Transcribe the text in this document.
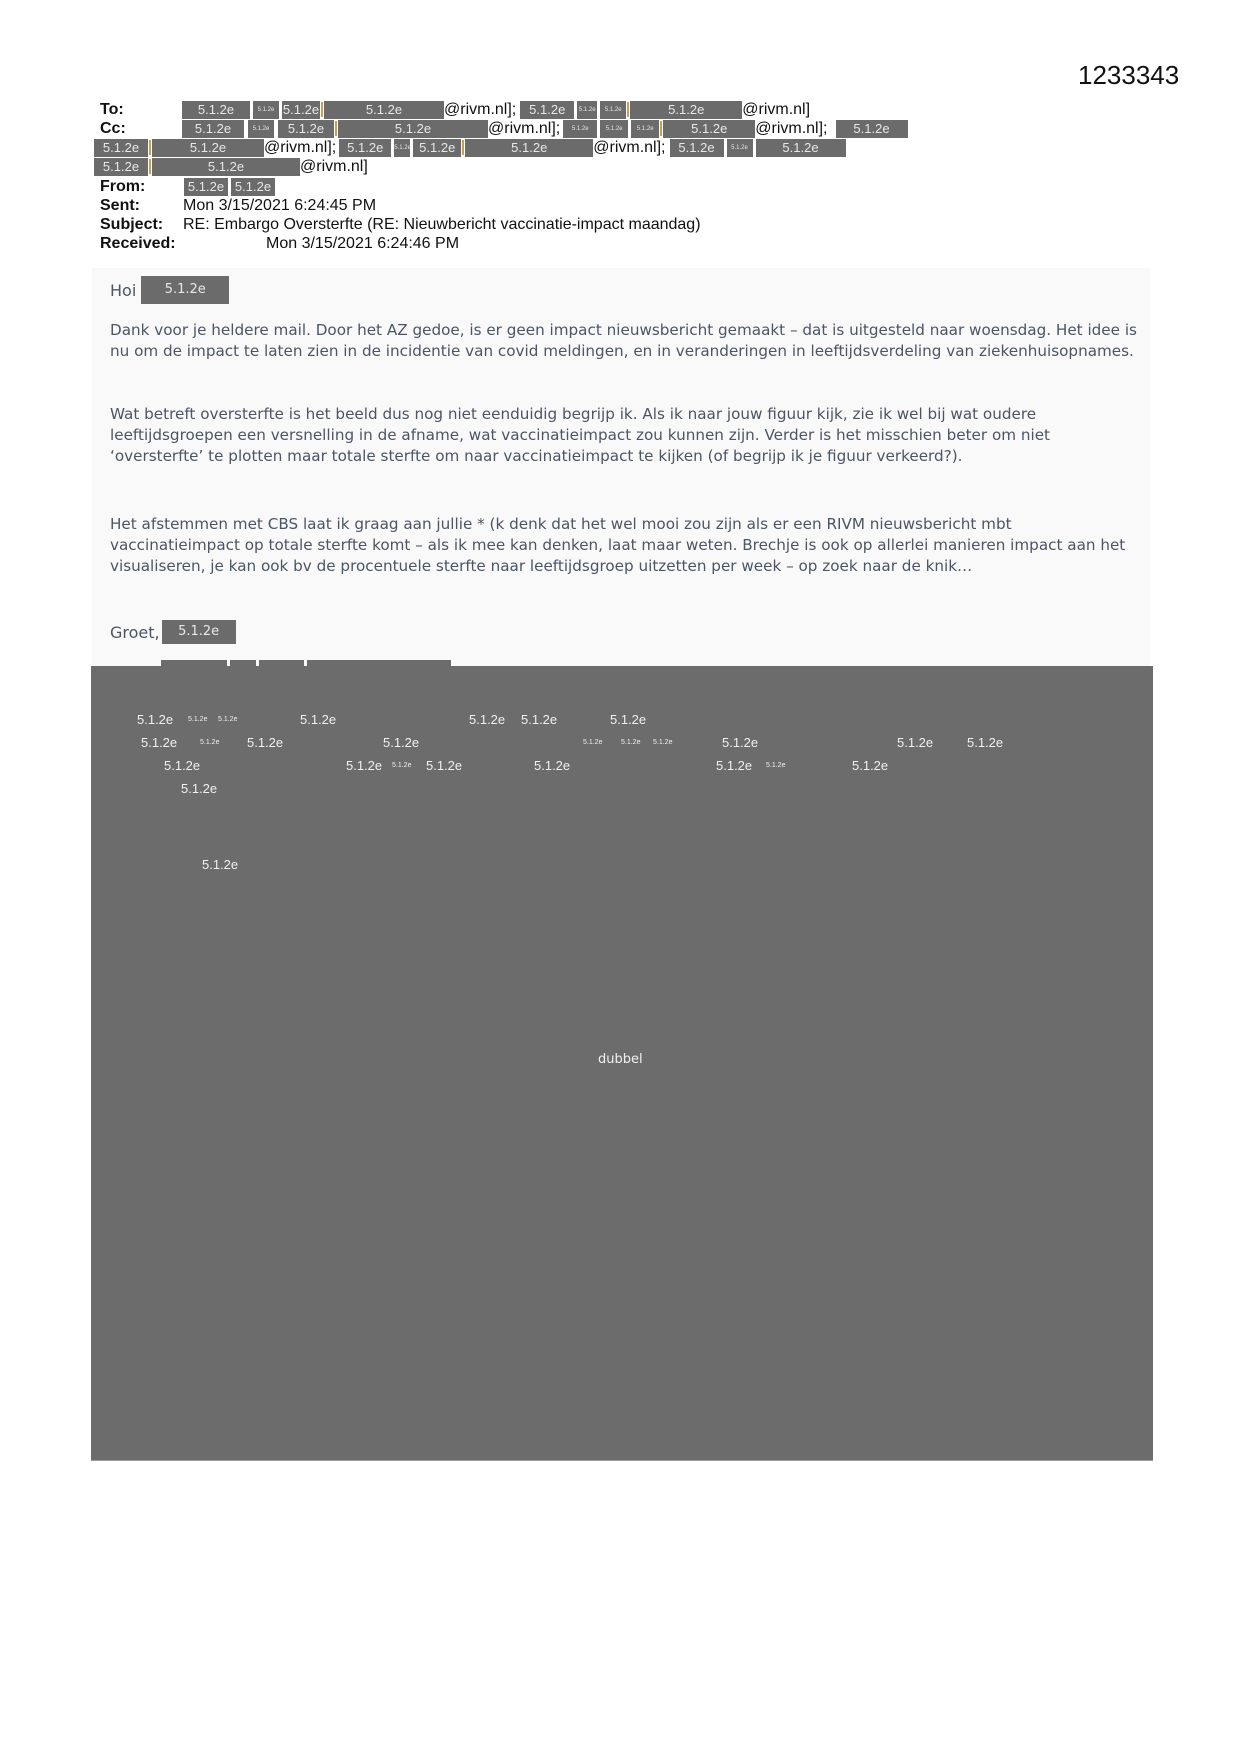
1233343
To:	5.1.2e	5.1.2e 5.1.2e	5.1.2e	@rivm.nl]; 5.1.2e	5.1.2e	5.1.2e	5.1.2e	@rivm.nl]
Cc:	5.1.2e	5.1.2e	5.1.2e	5.1.2e	@rivm.nl];	5.1.2e	5.1.2e	5.1.2e	5.1.2e	@rivm.nl];	5.1.2e
5.1.2e	5.1.2e	@rivm.nl]; 5.1.2e	5.1.2e 5.1.2e	5.1.2e	@rivm.nl]; 5.1.2e	5.1.2e	5.1.2e
5.1.2e	5.1.2e	@rivm.nl]
From:	5.1.2e 5.1.2e
Sent:	Mon 3/15/2021 6:24:45 PM
Subject: RE: Embargo Oversterfte (RE: Nieuwbericht vaccinatie-impact maandag)
Received:	Mon 3/15/2021 6:24:46 PM
Hoi	5.1.2e

Dank voor je heldere mail. Door het AZ gedoe, is er geen impact nieuwsbericht gemaakt – dat is uitgesteld naar woensdag. Het idee is nu om de impact te laten zien in de incidentie van covid meldingen, en in veranderingen in leeftijdsverdeling van ziekenhuisopnames.

Wat betreft oversterfte is het beeld dus nog niet eenduidig begrijp ik. Als ik naar jouw figuur kijk, zie ik wel bij wat oudere leeftijdsgroepen een versnelling in de afname, wat vaccinatieimpact zou kunnen zijn. Verder is het misschien beter om niet ‘oversterfte’ te plotten maar totale sterfte om naar vaccinatieimpact te kijken (of begrijp ik je figuur verkeerd?).

Het afstemmen met CBS laat ik graag aan jullie * (k denk dat het wel mooi zou zijn als er een RIVM nieuwsbericht mbt vaccinatieimpact op totale sterfte komt – als ik mee kan denken, laat maar weten. Brechje is ook op allerlei manieren impact aan het visualiseren, je kan ook bv de procentuele sterfte naar leeftijdsgroep uitzetten per week – op zoek naar de knik…

Groet,	5.1.2e
5.1.2e 5.1.2e 5.1.2e	5.1.2e	5.1.2e 5.1.2e	5.1.2e
5.1.2e	5.1.2e 5.1.2e	5.1.2e	5.1.2e	5.1.2e 5.1.2e	5.1.2e	5.1.2e	5.1.2e
5.1.2e	5.1.2e 5.1.2e 5.1.2e	5.1.2e	5.1.2e 5.1.2e	5.1.2e
5.1.2e
5.1.2e
dubbel
